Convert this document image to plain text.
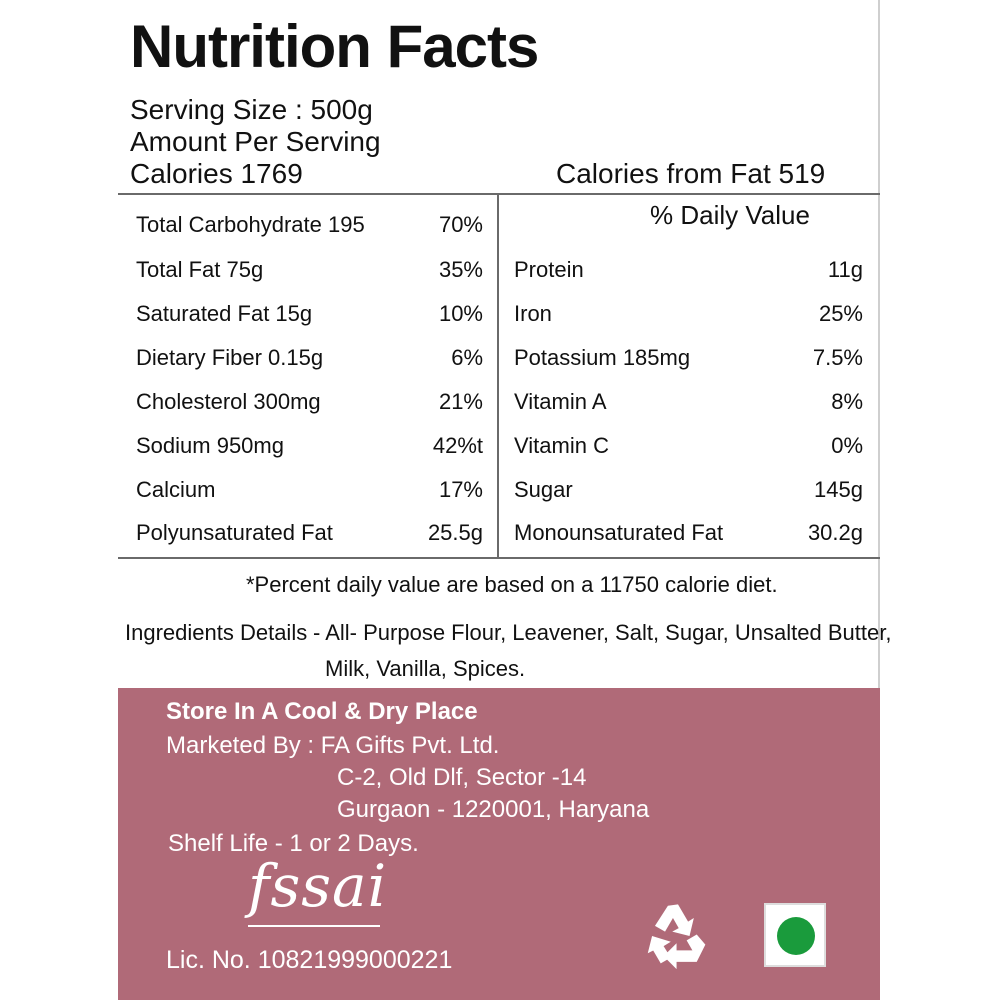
Nutrition Facts
Serving Size : 500g
Amount Per Serving
Calories 1769	Calories from Fat 519
% Daily Value
Total Carbohydrate 195	70%
Total Fat 75g	35%
Saturated Fat 15g	10%
Dietary Fiber 0.15g	6%
Cholesterol 300mg	21%
Sodium 950mg	42%t
Calcium	17%
Polyunsaturated Fat	25.5g
Protein	11g
Iron	25%
Potassium 185mg	7.5%
Vitamin A	8%
Vitamin C	0%
Sugar	145g
Monounsaturated Fat	30.2g
*Percent daily value are based on a 11750 calorie diet.
Ingredients Details - All- Purpose Flour, Leavener, Salt, Sugar, Unsalted Butter,
Milk, Vanilla, Spices.
Store In A Cool & Dry Place
Marketed By : FA Gifts Pvt. Ltd.
C-2, Old Dlf, Sector -14
Gurgaon - 1220001, Haryana
Shelf Life - 1 or 2 Days.
fssai
Lic. No. 10821999000221
